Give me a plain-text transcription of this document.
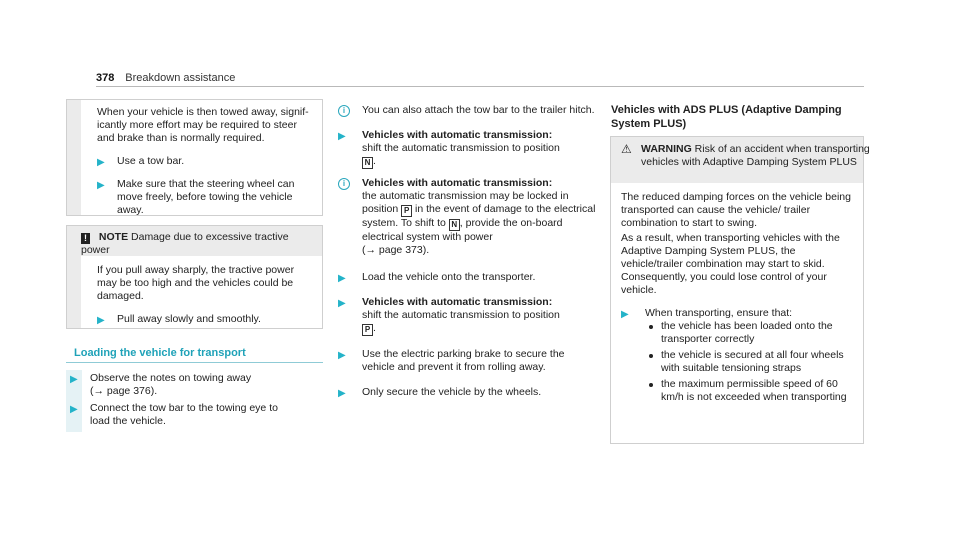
378 Breakdown assistance

When your vehicle is then towed away, signif-icantly more effort may be required to steer and brake than is normally required.

▶ Use a tow bar.
▶ Make sure that the steering wheel can move freely, before towing the vehicle away.
! NOTE Damage due to excessive tractive power

If you pull away sharply, the tractive power may be too high and the vehicles could be damaged.

▶ Pull away slowly and smoothly.
Loading the vehicle for transport
▶ Observe the notes on towing away

(→ page 376).

▶ Connect the tow bar to the towing eye to load the vehicle.

i	You can also attach the tow bar to the trailer hitch.

▶ Vehicles with automatic transmission:

shift the automatic transmission to position

N .

i	Vehicles with automatic transmission:

the automatic transmission may be locked in position P in the event of damage to the electrical system. To shift to N , provide the on-board electrical system with power

(→ page 373).

▶ Load the vehicle onto the transporter.

▶ Vehicles with automatic transmission:

shift the automatic transmission to position

P .

▶ Use the electric parking brake to secure the vehicle and prevent it from rolling away.

▶ Only secure the vehicle by the wheels.

Vehicles with ADS PLUS (Adaptive Damping System PLUS)

⚠ WARNING Risk of an accident when transporting vehicles with Adaptive Damping System PLUS

The reduced damping forces on the vehicle being transported can cause the vehicle/ trailer combination to start to swing.

As a result, when transporting vehicles with the Adaptive Damping System PLUS, the vehicle/trailer combination may start to skid. Consequently, you could lose control of your vehicle.

▶ When transporting, ensure that:

the vehicle has been loaded onto the transporter correctly
the vehicle is secured at all four wheels with suitable tensioning straps
the maximum permissible speed of 60 km/h is not exceeded when transporting
